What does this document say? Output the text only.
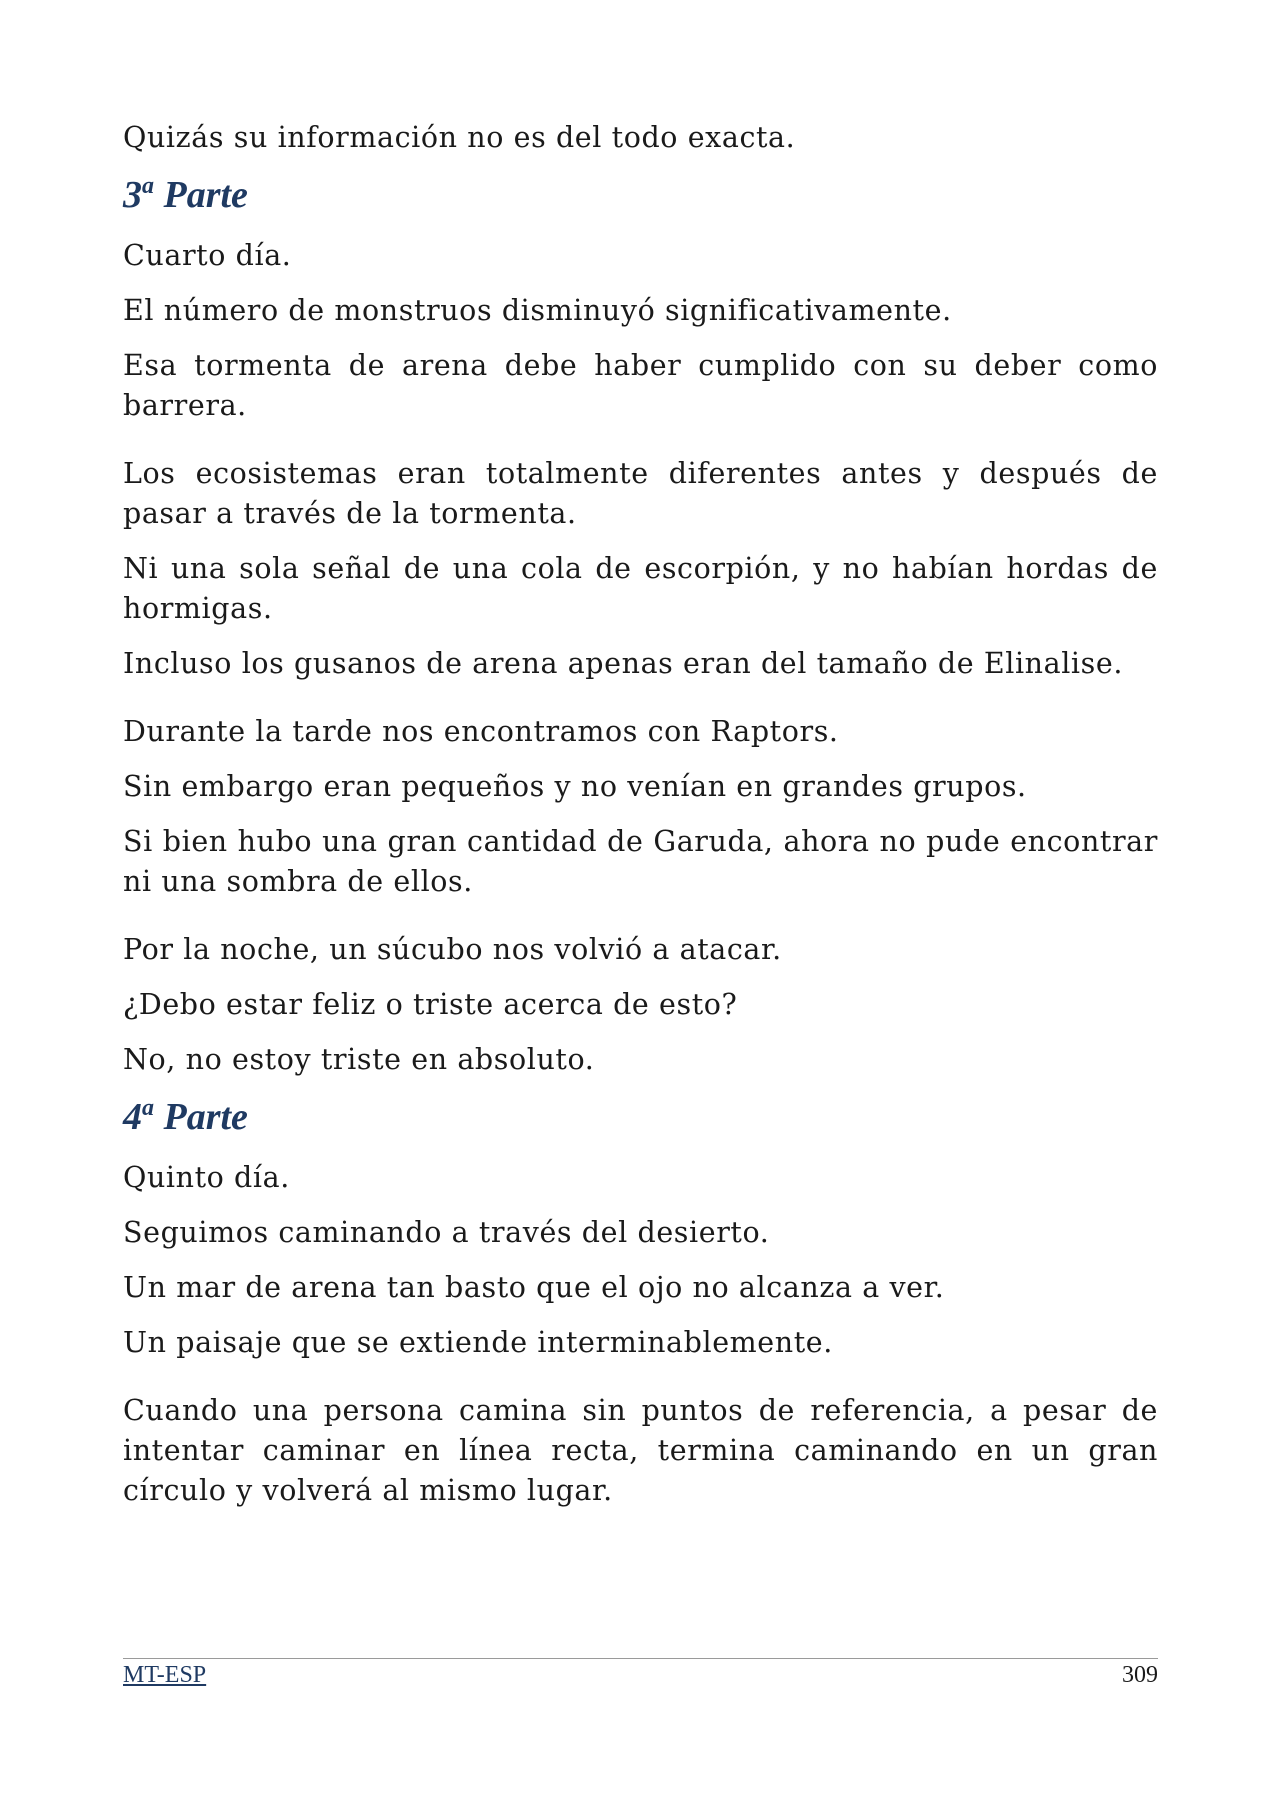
Quizás su información no es del todo exacta.

3$^a$ Parte

Cuarto día.

El número de monstruos disminuyó significativamente.

Esa tormenta de arena debe haber cumplido con su deber como barrera.

Los ecosistemas eran totalmente diferentes antes y después de pasar a través de la tormenta.

Ni una sola señal de una cola de escorpión, y no habían hordas de hormigas.

Incluso los gusanos de arena apenas eran del tamaño de Elinalise.

Durante la tarde nos encontramos con Raptors.

Sin embargo eran pequeños y no venían en grandes grupos.

Si bien hubo una gran cantidad de Garuda, ahora no pude encontrar ni una sombra de ellos.

Por la noche, un súcubo nos volvió a atacar.

¿Debo estar feliz o triste acerca de esto?

No, no estoy triste en absoluto.

4$^a$ Parte

Quinto día.

Seguimos caminando a través del desierto.

Un mar de arena tan basto que el ojo no alcanza a ver.

Un paisaje que se extiende interminablemente.

Cuando una persona camina sin puntos de referencia, a pesar de intentar caminar en línea recta, termina caminando en un gran círculo y volverá al mismo lugar.

MT-ESP	309
